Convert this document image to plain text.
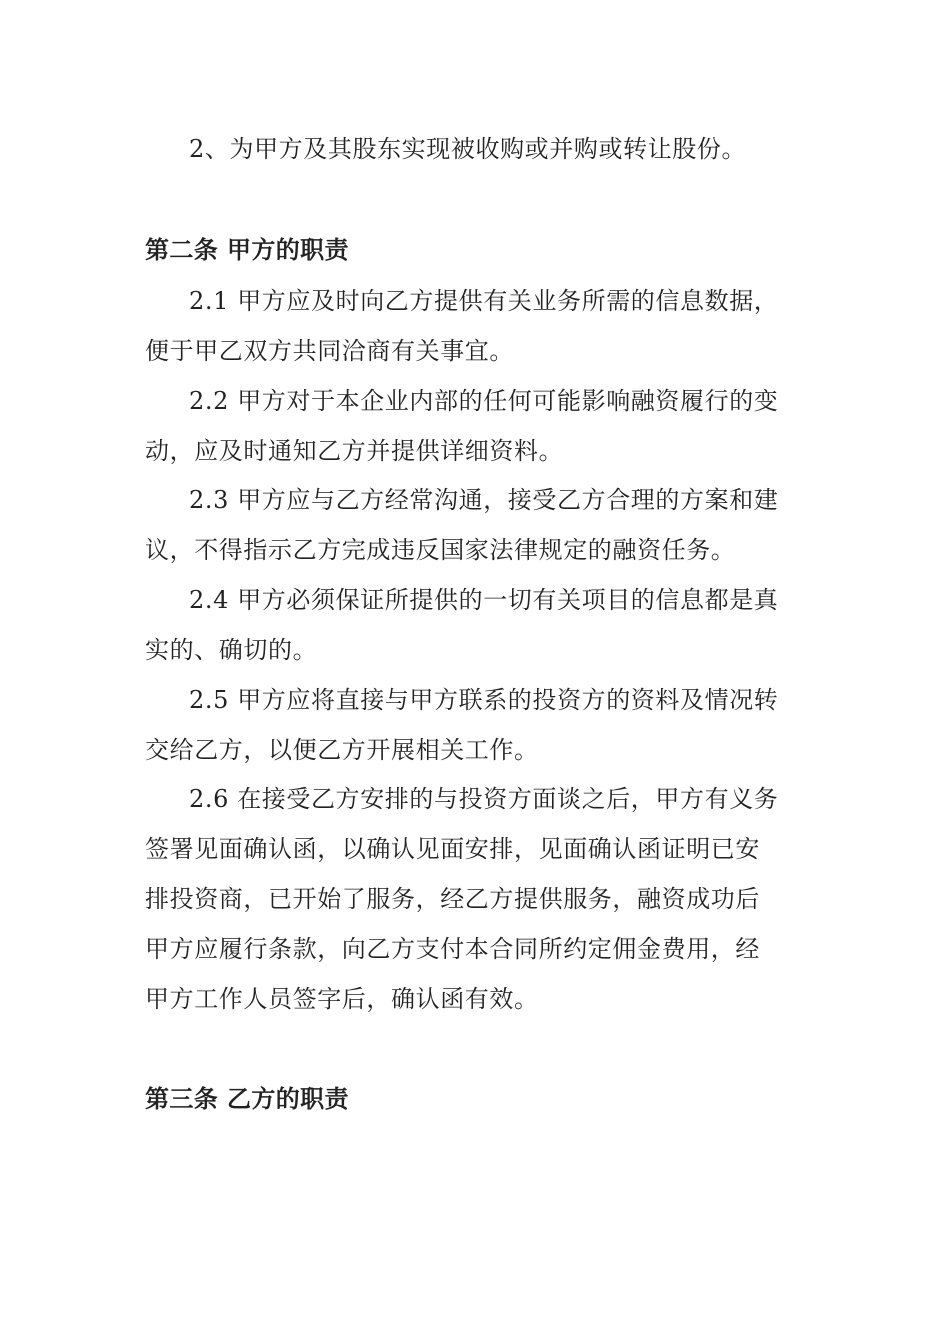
2、为甲方及其股东实现被收购或并购或转让股份。
第二条 甲方的职责
2.1 甲方应及时向乙方提供有关业务所需的信息数据，
便于甲乙双方共同洽商有关事宜。
2.2 甲方对于本企业内部的任何可能影响融资履行的变
动，应及时通知乙方并提供详细资料。
2.3 甲方应与乙方经常沟通，接受乙方合理的方案和建
议，不得指示乙方完成违反国家法律规定的融资任务。
2.4 甲方必须保证所提供的一切有关项目的信息都是真
实的、确切的。
2.5 甲方应将直接与甲方联系的投资方的资料及情况转
交给乙方，以便乙方开展相关工作。
2.6 在接受乙方安排的与投资方面谈之后，甲方有义务
签署见面确认函，以确认见面安排，见面确认函证明已安
排投资商，已开始了服务，经乙方提供服务，融资成功后
甲方应履行条款，向乙方支付本合同所约定佣金费用，经
甲方工作人员签字后，确认函有效。
第三条 乙方的职责
